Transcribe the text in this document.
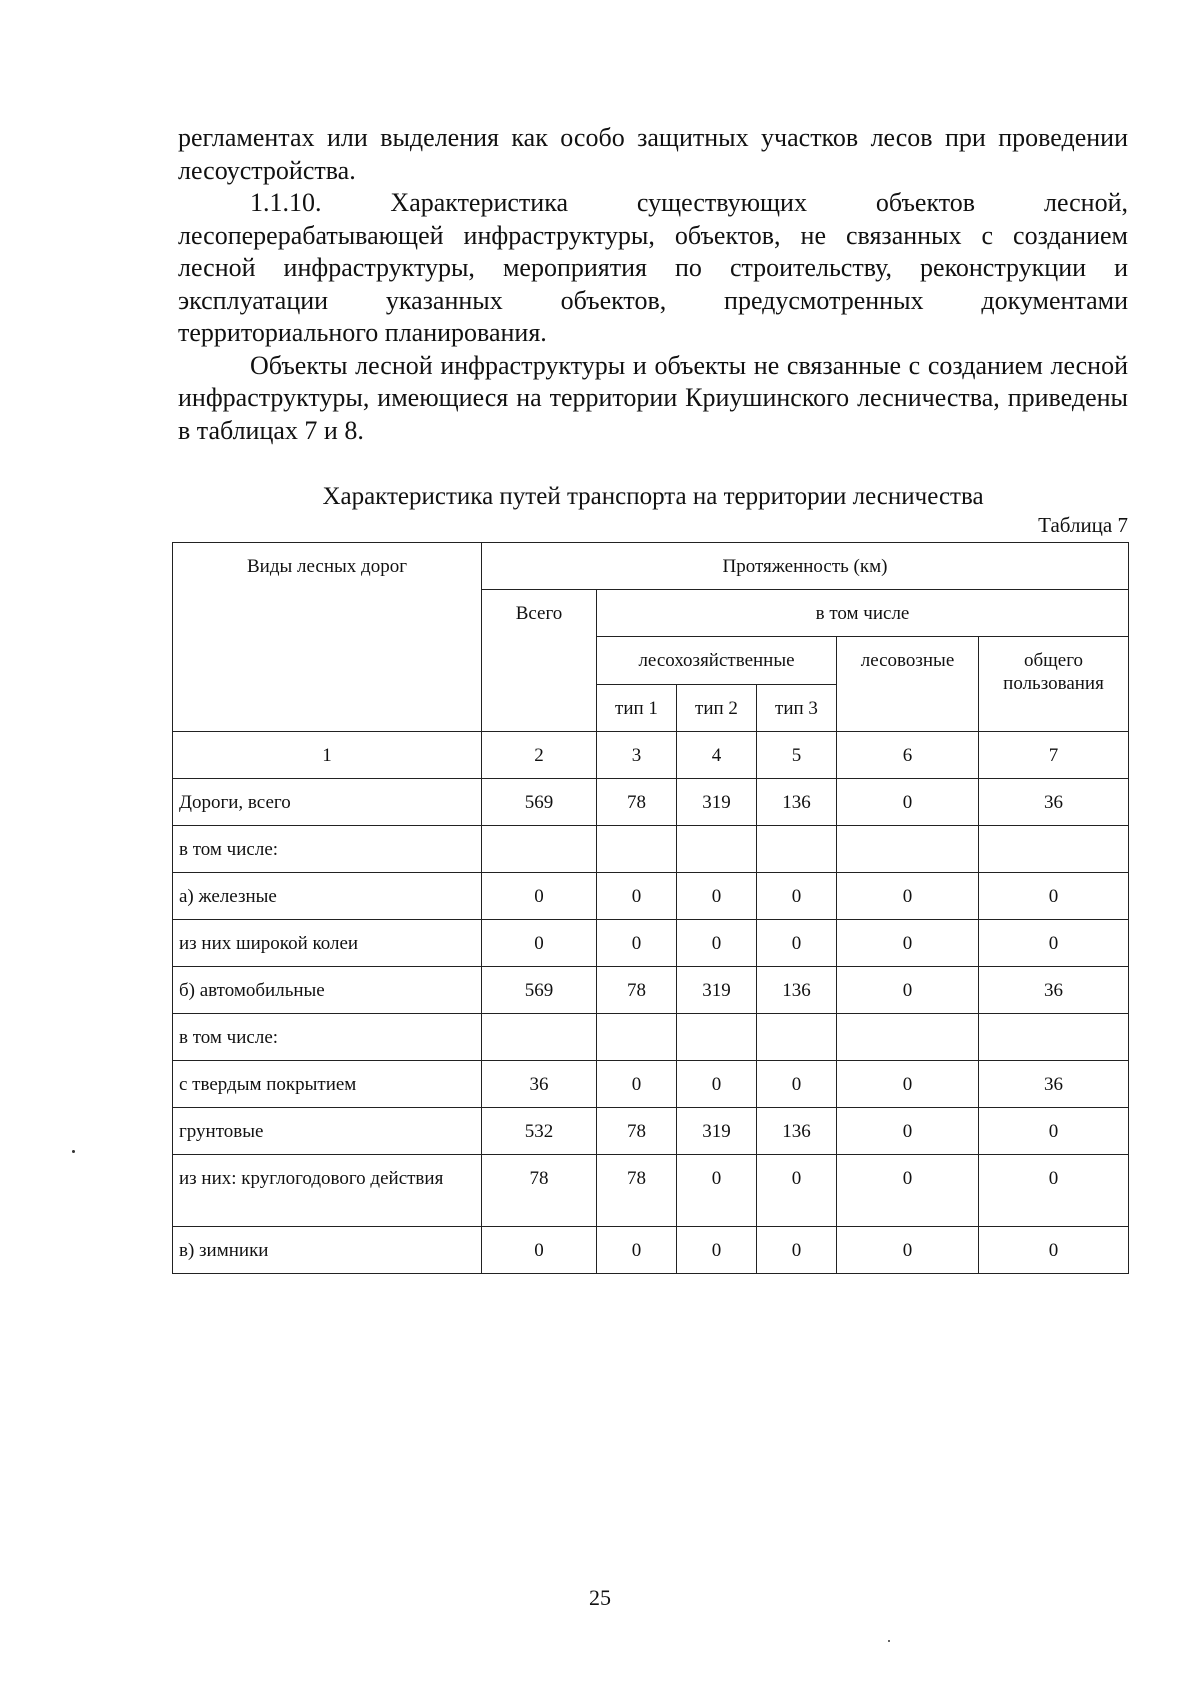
регламентах или выделения как особо защитных участков лесов при проведении лесоустройства.

1.1.10. Характеристика существующих объектов лесной, лесоперерабатывающей инфраструктуры, объектов, не связанных с созданием лесной инфраструктуры, мероприятия по строительству, реконструкции и эксплуатации указанных объектов, предусмотренных документами территориального планирования.

Объекты лесной инфраструктуры и объекты не связанные с созданием лесной инфраструктуры, имеющиеся на территории Криушинского лесничества, приведены в таблицах 7 и 8.

Характеристика путей транспорта на территории лесничества
Таблица 7
Виды лесных дорог	Протяженность (км)					
	Всего	в том числе				
		лесохозяйственные			лесовозные	общего пользования
		тип 1	тип 2	тип 3		
1	2	3	4	5	6	7
Дороги, всего	569	78	319	136	0	36
в том числе:						
а) железные	0	0	0	0	0	0
из них широкой колеи	0	0	0	0	0	0
б) автомобильные	569	78	319	136	0	36
в том числе:						
с твердым покрытием	36	0	0	0	0	36
грунтовые	532	78	319	136	0	0
из них: круглогодового действия	78	78	0	0	0	0
в) зимники	0	0	0	0	0	0
25
